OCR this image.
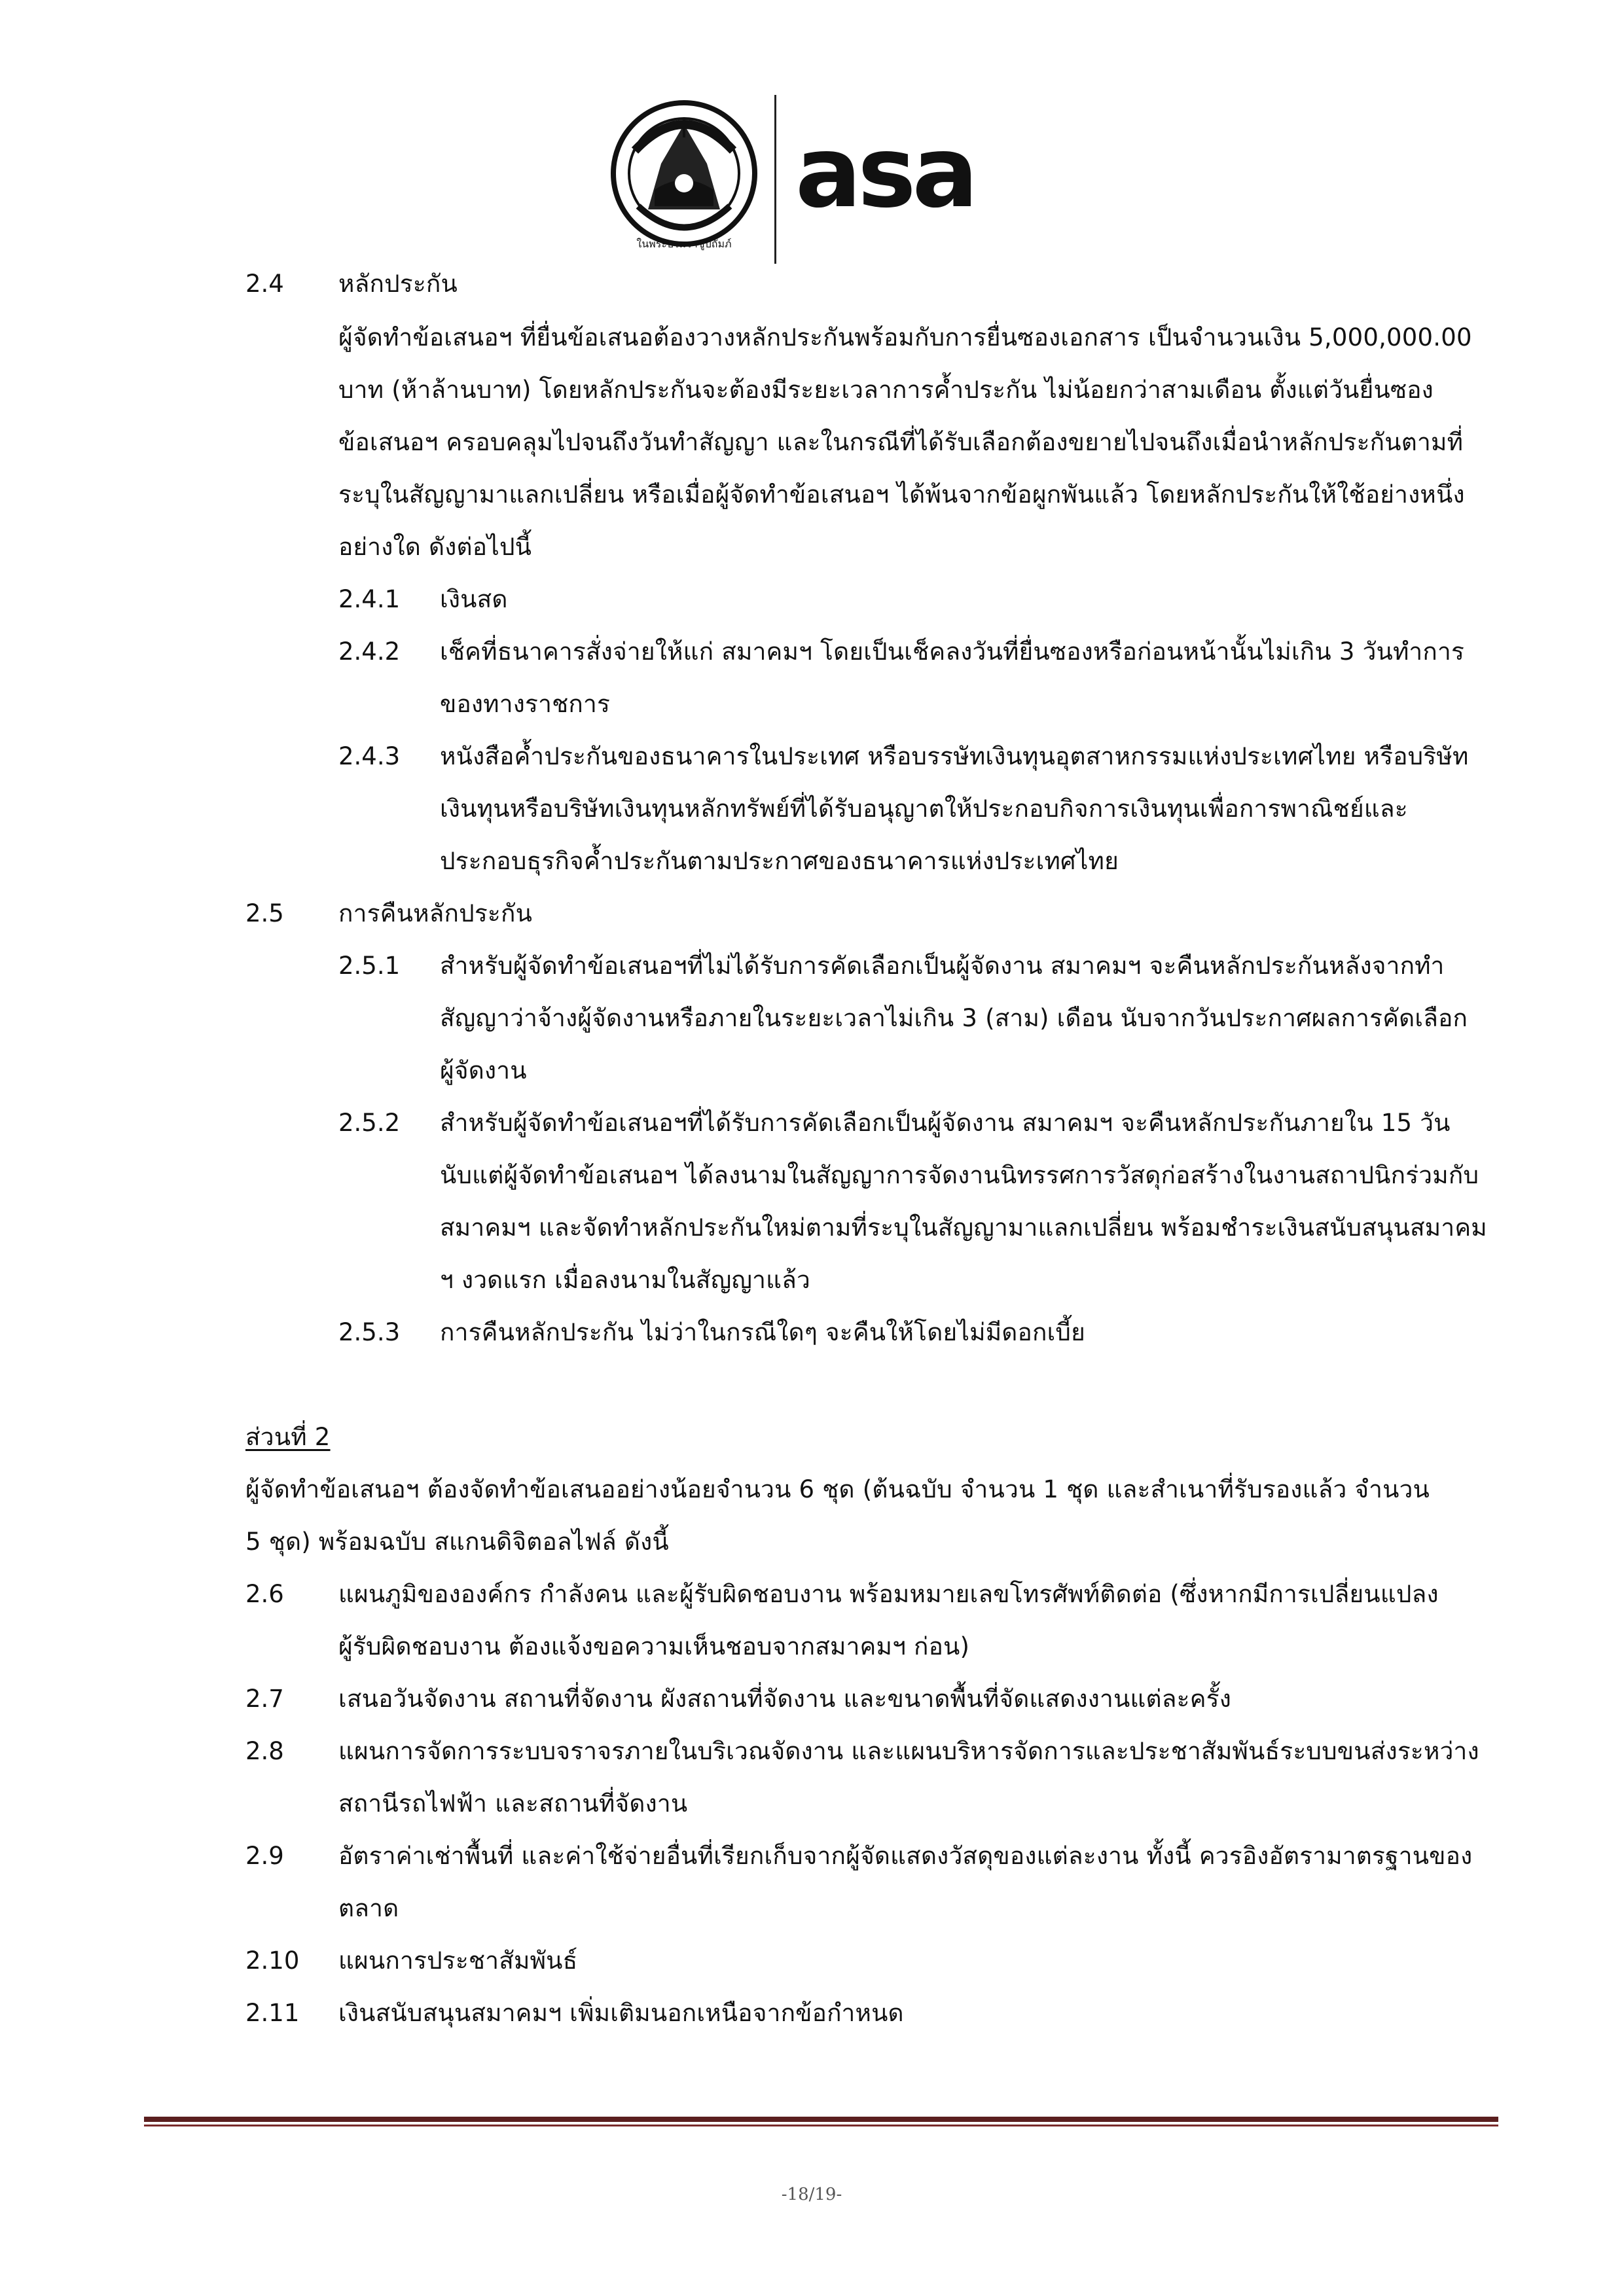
ในพระบรมราชูปถัมภ์
asa
2.4 หลักประกัน
ผู้จัดทำข้อเสนอฯ ที่ยื่นข้อเสนอต้องวางหลักประกันพร้อมกับการยื่นซองเอกสาร เป็นจำนวนเงิน 5,000,000.00
บาท (ห้าล้านบาท) โดยหลักประกันจะต้องมีระยะเวลาการค้ำประกัน ไม่น้อยกว่าสามเดือน ตั้งแต่วันยื่นซอง
ข้อเสนอฯ ครอบคลุมไปจนถึงวันทำสัญญา และในกรณีที่ได้รับเลือกต้องขยายไปจนถึงเมื่อนำหลักประกันตามที่
ระบุในสัญญามาแลกเปลี่ยน หรือเมื่อผู้จัดทำข้อเสนอฯ ได้พ้นจากข้อผูกพันแล้ว โดยหลักประกันให้ใช้อย่างหนึ่ง
อย่างใด ดังต่อไปนี้
2.4.1 เงินสด
2.4.2 เช็คที่ธนาคารสั่งจ่ายให้แก่ สมาคมฯ โดยเป็นเช็คลงวันที่ยื่นซองหรือก่อนหน้านั้นไม่เกิน 3 วันทำการ
ของทางราชการ
2.4.3 หนังสือค้ำประกันของธนาคารในประเทศ หรือบรรษัทเงินทุนอุตสาหกรรมแห่งประเทศไทย หรือบริษัท
เงินทุนหรือบริษัทเงินทุนหลักทรัพย์ที่ได้รับอนุญาตให้ประกอบกิจการเงินทุนเพื่อการพาณิชย์และ
ประกอบธุรกิจค้ำประกันตามประกาศของธนาคารแห่งประเทศไทย
2.5 การคืนหลักประกัน
2.5.1 สำหรับผู้จัดทำข้อเสนอฯที่ไม่ได้รับการคัดเลือกเป็นผู้จัดงาน สมาคมฯ จะคืนหลักประกันหลังจากทำ
สัญญาว่าจ้างผู้จัดงานหรือภายในระยะเวลาไม่เกิน 3 (สาม) เดือน นับจากวันประกาศผลการคัดเลือก
ผู้จัดงาน
2.5.2 สำหรับผู้จัดทำข้อเสนอฯที่ได้รับการคัดเลือกเป็นผู้จัดงาน สมาคมฯ จะคืนหลักประกันภายใน 15 วัน
นับแต่ผู้จัดทำข้อเสนอฯ ได้ลงนามในสัญญาการจัดงานนิทรรศการวัสดุก่อสร้างในงานสถาปนิกร่วมกับ
สมาคมฯ และจัดทำหลักประกันใหม่ตามที่ระบุในสัญญามาแลกเปลี่ยน พร้อมชำระเงินสนับสนุนสมาคม
ฯ งวดแรก เมื่อลงนามในสัญญาแล้ว
2.5.3 การคืนหลักประกัน ไม่ว่าในกรณีใดๆ จะคืนให้โดยไม่มีดอกเบี้ย
ส่วนที่ 2
ผู้จัดทำข้อเสนอฯ ต้องจัดทำข้อเสนออย่างน้อยจำนวน 6 ชุด (ต้นฉบับ จำนวน 1 ชุด และสำเนาที่รับรองแล้ว จำนวน
5 ชุด) พร้อมฉบับ สแกนดิจิตอลไฟล์ ดังนี้
2.6 แผนภูมิขององค์กร กำลังคน และผู้รับผิดชอบงาน พร้อมหมายเลขโทรศัพท์ติดต่อ (ซึ่งหากมีการเปลี่ยนแปลง
ผู้รับผิดชอบงาน ต้องแจ้งขอความเห็นชอบจากสมาคมฯ ก่อน)
2.7 เสนอวันจัดงาน สถานที่จัดงาน ผังสถานที่จัดงาน และขนาดพื้นที่จัดแสดงงานแต่ละครั้ง
2.8 แผนการจัดการระบบจราจรภายในบริเวณจัดงาน และแผนบริหารจัดการและประชาสัมพันธ์ระบบขนส่งระหว่าง
สถานีรถไฟฟ้า และสถานที่จัดงาน
2.9 อัตราค่าเช่าพื้นที่ และค่าใช้จ่ายอื่นที่เรียกเก็บจากผู้จัดแสดงวัสดุของแต่ละงาน ทั้งนี้ ควรอิงอัตรามาตรฐานของ
ตลาด
2.10 แผนการประชาสัมพันธ์
2.11 เงินสนับสนุนสมาคมฯ เพิ่มเติมนอกเหนือจากข้อกำหนด
-18/19-
